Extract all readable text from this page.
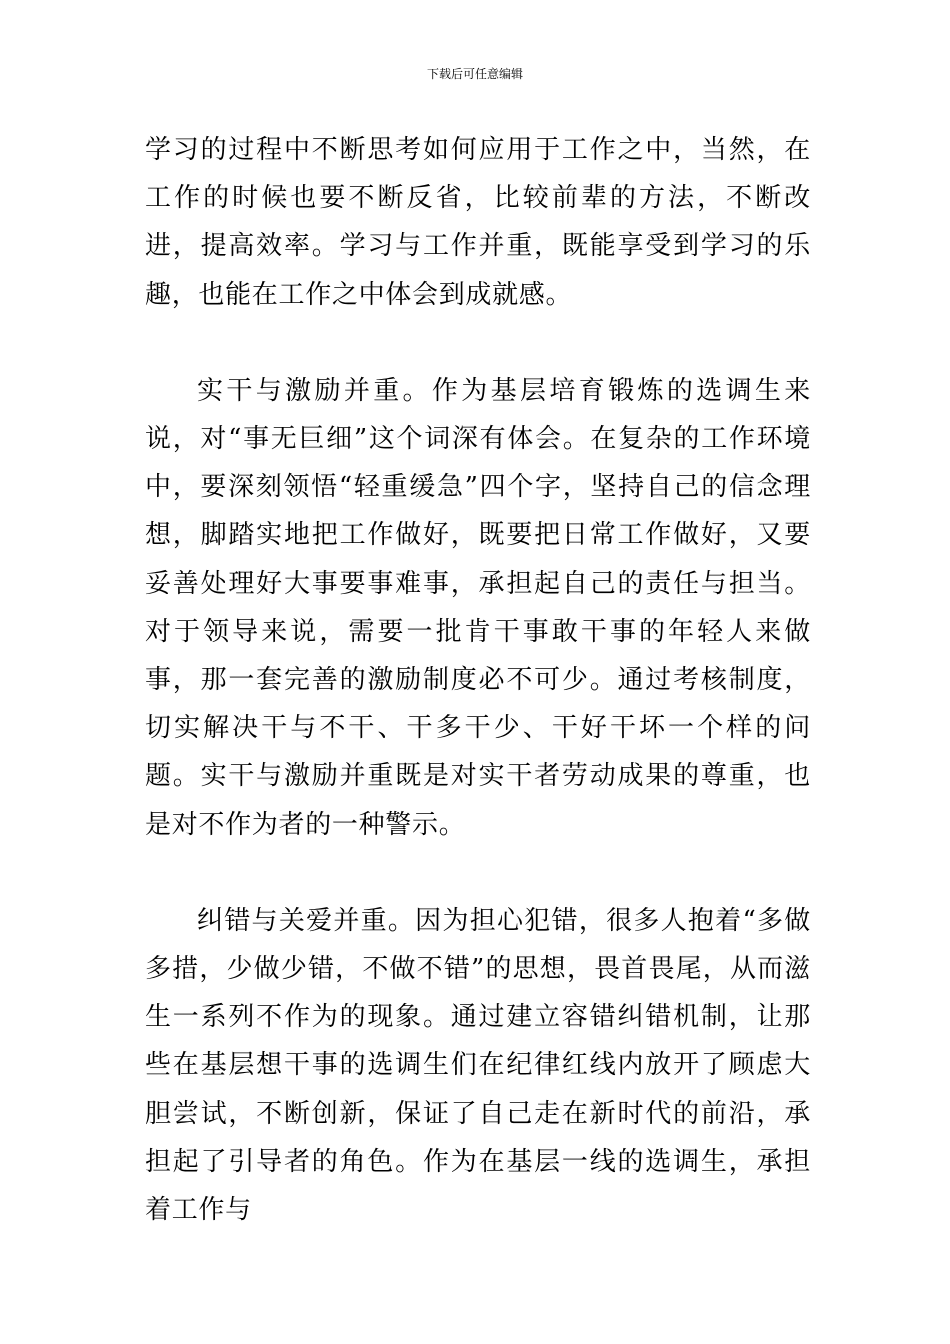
下载后可任意编辑

学习的过程中不断思考如何应用于工作之中，当然，在工作的时候也要不断反省，比较前辈的方法，不断改进，提高效率。学习与工作并重，既能享受到学习的乐趣，也能在工作之中体会到成就感。

实干与激励并重。作为基层培育锻炼的选调生来说，对“事无巨细”这个词深有体会。在复杂的工作环境中，要深刻领悟“轻重缓急”四个字，坚持自己的信念理想，脚踏实地把工作做好，既要把日常工作做好，又要妥善处理好大事要事难事，承担起自己的责任与担当。对于领导来说，需要一批肯干事敢干事的年轻人来做事，那一套完善的激励制度必不可少。通过考核制度，切实解决干与不干、干多干少、干好干坏一个样的问题。实干与激励并重既是对实干者劳动成果的尊重，也是对不作为者的一种警示。

纠错与关爱并重。因为担心犯错，很多人抱着“多做多措，少做少错，不做不错”的思想，畏首畏尾，从而滋生一系列不作为的现象。通过建立容错纠错机制，让那些在基层想干事的选调生们在纪律红线内放开了顾虑大胆尝试，不断创新，保证了自己走在新时代的前沿，承担起了引导者的角色。作为在基层一线的选调生，承担着工作与
